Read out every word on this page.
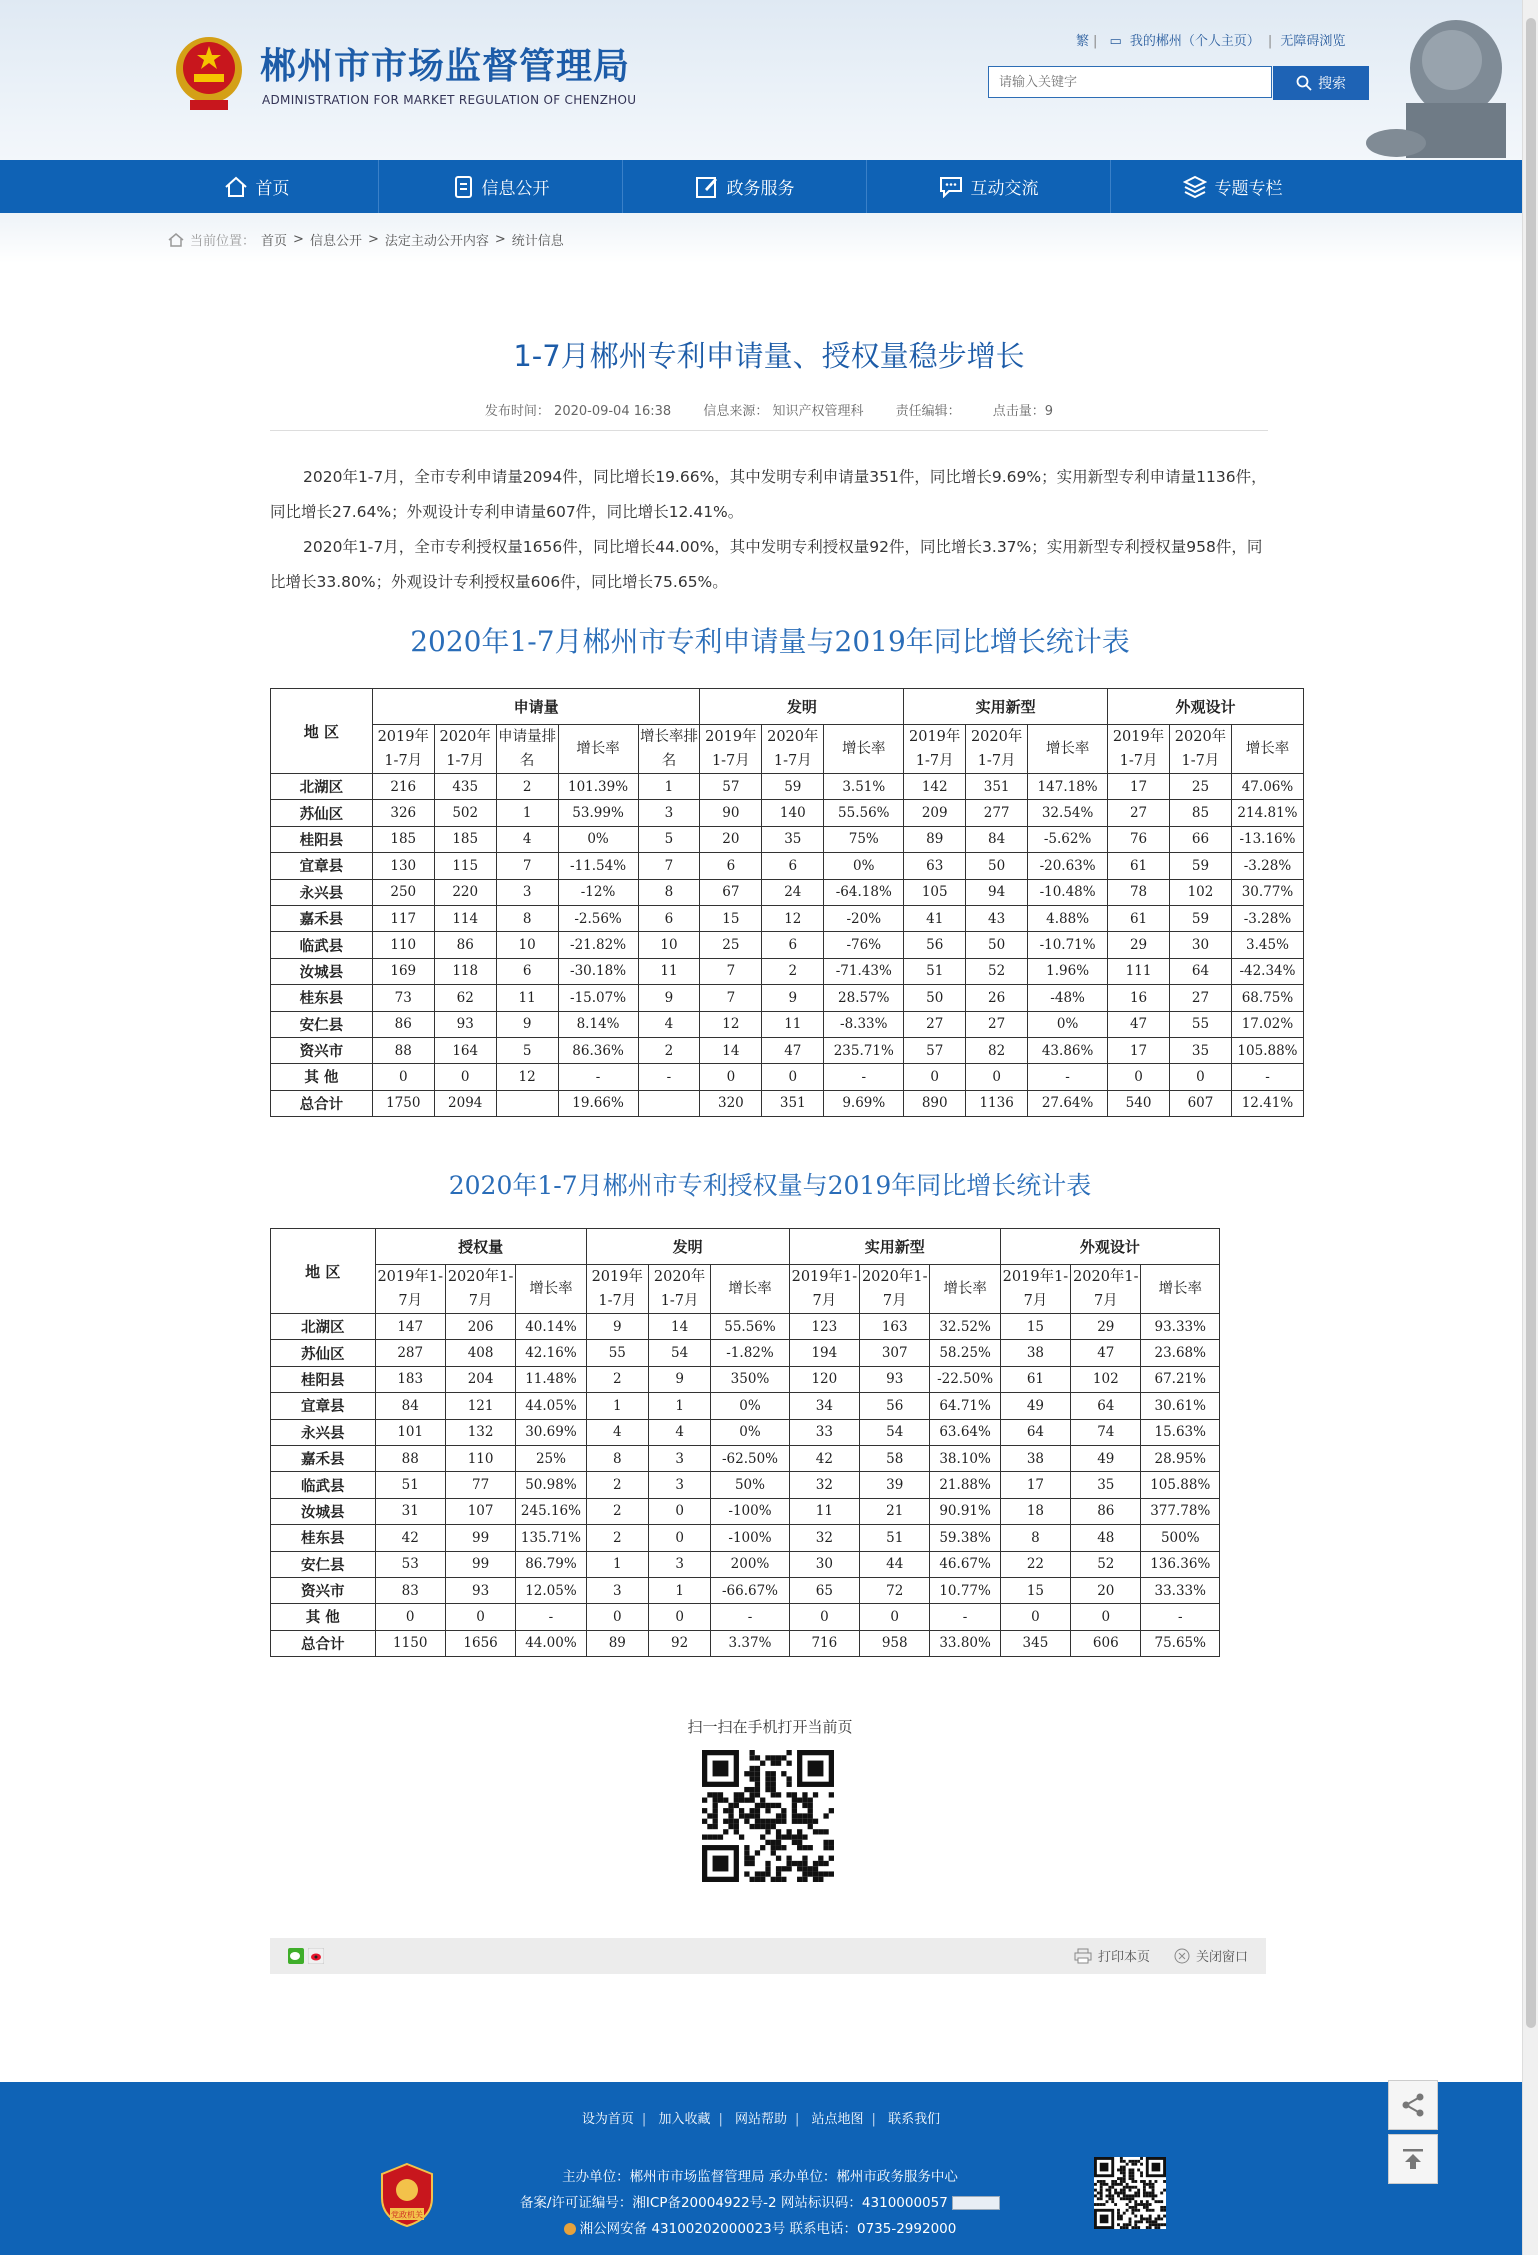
郴州市市场监督管理局
ADMINISTRATION FOR MARKET REGULATION OF CHENZHOU
繁 | ▭ 我的郴州（个人主页） | 无障碍浏览
请输入关键字
搜索
首页	信息公开	政务服务	互动交流	专题专栏
当前位置： 首页 > 信息公开 > 法定主动公开内容 > 统计信息
1-7月郴州专利申请量、授权量稳步增长
发布时间： 2020-09-04 16:38 信息来源： 知识产权管理科 责任编辑： 点击量：9

2020年1-7月，全市专利申请量2094件，同比增长19.66%，其中发明专利申请量351件，同比增长9.69%；实用新型专利申请量1136件，同比增长27.64%；外观设计专利申请量607件，同比增长12.41%。

2020年1-7月，全市专利授权量1656件，同比增长44.00%，其中发明专利授权量92件，同比增长3.37%；实用新型专利授权量958件，同比增长33.80%；外观设计专利授权量606件，同比增长75.65%。

2020年1-7月郴州市专利申请量与2019年同比增长统计表
地 区	申请量					发明			实用新型			外观设计		
	2019年1-7月	2020年1-7月	申请量排名	增长率	增长率排名	2019年1-7月	2020年1-7月	增长率	2019年1-7月	2020年1-7月	增长率	2019年1-7月	2020年1-7月	增长率
北湖区	216	435	2	101.39%	1	57	59	3.51%	142	351	147.18%	17	25	47.06%
苏仙区	326	502	1	53.99%	3	90	140	55.56%	209	277	32.54%	27	85	214.81%
桂阳县	185	185	4	0%	5	20	35	75%	89	84	-5.62%	76	66	-13.16%
宜章县	130	115	7	-11.54%	7	6	6	0%	63	50	-20.63%	61	59	-3.28%
永兴县	250	220	3	-12%	8	67	24	-64.18%	105	94	-10.48%	78	102	30.77%
嘉禾县	117	114	8	-2.56%	6	15	12	-20%	41	43	4.88%	61	59	-3.28%
临武县	110	86	10	-21.82%	10	25	6	-76%	56	50	-10.71%	29	30	3.45%
汝城县	169	118	6	-30.18%	11	7	2	-71.43%	51	52	1.96%	111	64	-42.34%
桂东县	73	62	11	-15.07%	9	7	9	28.57%	50	26	-48%	16	27	68.75%
安仁县	86	93	9	8.14%	4	12	11	-8.33%	27	27	0%	47	55	17.02%
资兴市	88	164	5	86.36%	2	14	47	235.71%	57	82	43.86%	17	35	105.88%
其 他	0	0	12	-	-	0	0	-	0	0	-	0	0	-
总合计	1750	2094		19.66%		320	351	9.69%	890	1136	27.64%	540	607	12.41%
2020年1-7月郴州市专利授权量与2019年同比增长统计表
地 区	授权量			发明			实用新型			外观设计		
	2019年1-7月	2020年1-7月	增长率	2019年1-7月	2020年1-7月	增长率	2019年1-7月	2020年1-7月	增长率	2019年1-7月	2020年1-7月	增长率
北湖区	147	206	40.14%	9	14	55.56%	123	163	32.52%	15	29	93.33%
苏仙区	287	408	42.16%	55	54	-1.82%	194	307	58.25%	38	47	23.68%
桂阳县	183	204	11.48%	2	9	350%	120	93	-22.50%	61	102	67.21%
宜章县	84	121	44.05%	1	1	0%	34	56	64.71%	49	64	30.61%
永兴县	101	132	30.69%	4	4	0%	33	54	63.64%	64	74	15.63%
嘉禾县	88	110	25%	8	3	-62.50%	42	58	38.10%	38	49	28.95%
临武县	51	77	50.98%	2	3	50%	32	39	21.88%	17	35	105.88%
汝城县	31	107	245.16%	2	0	-100%	11	21	90.91%	18	86	377.78%
桂东县	42	99	135.71%	2	0	-100%	32	51	59.38%	8	48	500%
安仁县	53	99	86.79%	1	3	200%	30	44	46.67%	22	52	136.36%
资兴市	83	93	12.05%	3	1	-66.67%	65	72	10.77%	15	20	33.33%
其 他	0	0	-	0	0	-	0	0	-	0	0	-
总合计	1150	1656	44.00%	89	92	3.37%	716	958	33.80%	345	606	75.65%
扫一扫在手机打开当前页
打印本页	关闭窗口
设为首页 | 加入收藏 | 网站帮助 | 站点地图 | 联系我们
党政机关
主办单位：郴州市市场监督管理局 承办单位：郴州市政务服务中心
备案/许可证编号：湘ICP备20004922号-2 网站标识码：4310000057
湘公网安备 43100202000023号 联系电话：0735-2992000
